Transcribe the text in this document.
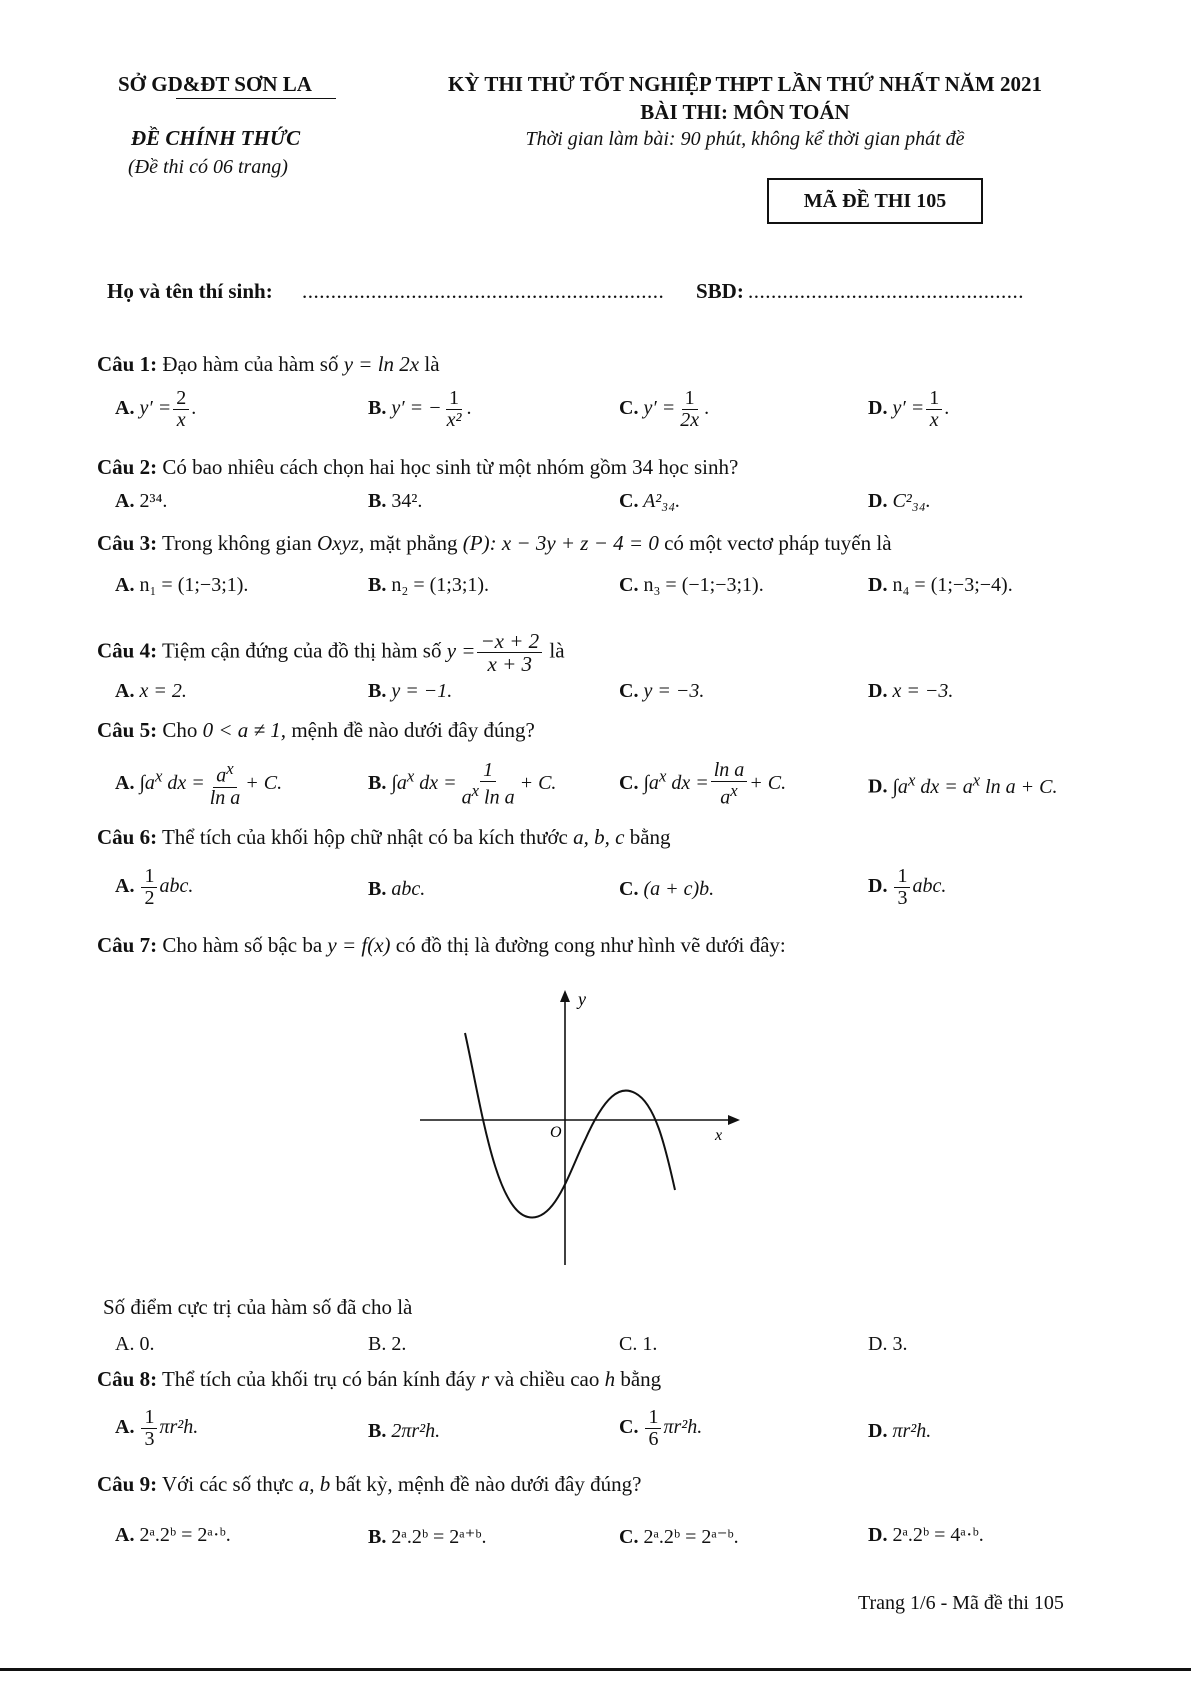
SỞ GD&ĐT SƠN LA
ĐỀ CHÍNH THỨC
(Đề thi có 06 trang)
KỲ THI THỬ TỐT NGHIỆP THPT LẦN THỨ NHẤT NĂM 2021
BÀI THI: MÔN TOÁN
Thời gian làm bài: 90 phút, không kể thời gian phát đề
MÃ ĐỀ THI 105
Họ và tên thí sinh: ............................................................... SBD: ................................................
Câu 1: Đạo hàm của hàm số y = ln 2x là
A. $y' = \frac{2}{x}$ .	B. y′ = − $\frac{1}{\text{x²}}$ .	C. $y' = \frac{1}{2x}$ .	D. $y' = \frac{1}{x}$ .
Câu 2: Có bao nhiêu cách chọn hai học sinh từ một nhóm gồm 34 học sinh?
A. 2³⁴.	B. 34².	C. A²₃₄.	D. C²₃₄.
Câu 3: Trong không gian Oxyz, mặt phẳng (P): x − 3y + z − 4 = 0 có một vectơ pháp tuyến là
A. n₁ = (1;−3;1).	B. n₂ = (1;3;1).	C. n₃ = (−1;−3;1).	D. n₄ = (1;−3;−4).
Câu 4: Tiệm cận đứng của đồ thị hàm số $y = \frac{-x + 2}{x + 3}$ là
A. x = 2.	B. y = −1.	C. y = −3.	D. x = −3.
Câu 5: Cho 0 < a ≠ 1, mệnh đề nào dưới đây đúng?
A. $\int a^x$ dx = $\frac{a^x}{\text{ln a}} + C$.	B. $\int a^x$ dx = $\frac{1}{a^x \ln a} + C$.	C. $\int a^x$ dx = $\frac{\text{ln a}}{a^x} + C$.	D. $\int a^x$ dx = $a^x$ ln a + C.
Câu 6: Thể tích của khối hộp chữ nhật có ba kích thước a, b, c bằng
A. $\frac{1}{2}$ abc.	B. abc.	C. (a + c)b.	D. $\frac{1}{3}$ abc.
Câu 7: Cho hàm số bậc ba y = f(x) có đồ thị là đường cong như hình vẽ dưới đây:
y
x
O
Số điểm cực trị của hàm số đã cho là
A. 0.	B. 2.	C. 1.	D. 3.
Câu 8: Thể tích của khối trụ có bán kính đáy r và chiều cao h bằng
A. $\frac{1}{3} \pi r^2h$.	B. 2πr²h.	C. $\frac{1}{6} \pi r^2h$.	D. πr²h.
Câu 9: Với các số thực a, b bất kỳ, mệnh đề nào dưới đây đúng?
A. 2ᵃ.2ᵇ = 2ᵃ·ᵇ.	B. 2ᵃ.2ᵇ = 2ᵃ⁺ᵇ.	C. 2ᵃ.2ᵇ = 2ᵃ⁻ᵇ.	D. 2ᵃ.2ᵇ = 4ᵃ·ᵇ.
Trang 1/6 - Mã đề thi 105
